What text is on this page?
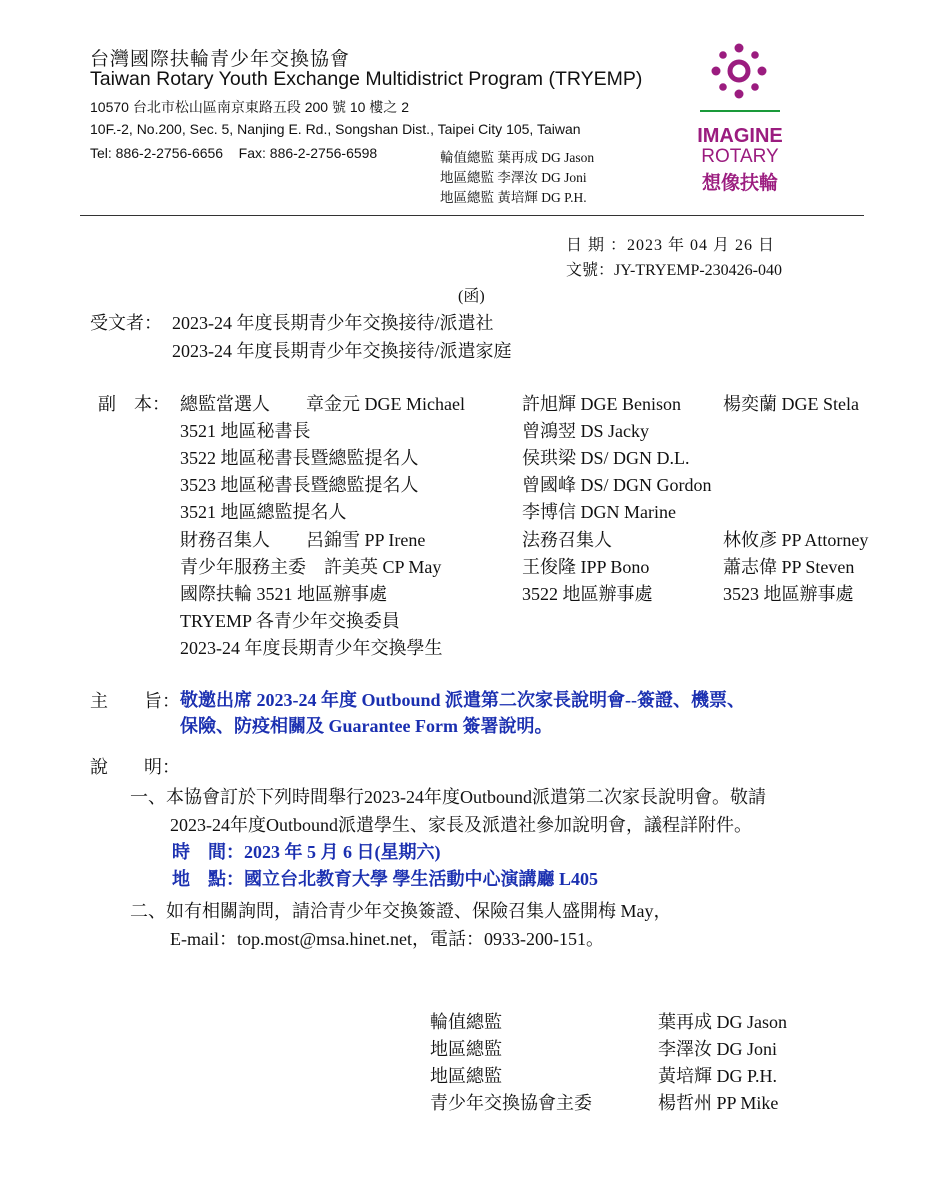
台灣國際扶輪青少年交換協會
Taiwan Rotary Youth Exchange Multidistrict Program (TRYEMP)
10570 台北市松山區南京東路五段 200 號 10 樓之 2
10F.-2, No.200, Sec. 5, Nanjing E. Rd., Songshan Dist., Taipei City 105, Taiwan
Tel: 886-2-2756-6656 Fax: 886-2-2756-6598	輪值總監 葉再成 DG Jason
地區總監 李澤汝 DG Joni
地區總監 黃培輝 DG P.H.
IMAGINE
ROTARY
想像扶輪
日 期 ：2023 年 04 月 26 日
文號：JY-TRYEMP-230426-040
(函)
受文者： 2023-24 年度長期青少年交換接待/派遣社
2023-24 年度長期青少年交換接待/派遣家庭
副　本： 總監當選人　　章金元 DGE Michael	許旭輝 DGE Benison 楊奕蘭 DGE Stela
3521 地區秘書長	曾鴻翌 DS Jacky
3522 地區秘書長暨總監提名人	侯珙梁 DS/ DGN D.L.
3523 地區秘書長暨總監提名人	曾國峰 DS/ DGN Gordon
3521 地區總監提名人	李博信 DGN Marine
財務召集人　　呂錦雪 PP Irene	法務召集人	林攸彥 PP Attorney
青少年服務主委　許美英 CP May	王俊隆 IPP Bono	蕭志偉 PP Steven
國際扶輪 3521 地區辦事處	3522 地區辦事處	3523 地區辦事處
TRYEMP 各青少年交換委員
2023-24 年度長期青少年交換學生
主　　旨： 敬邀出席 2023-24 年度 Outbound 派遣第二次家長說明會--簽證、機票、
保險、防疫相關及 Guarantee Form 簽署說明。
說　　明：
一、本協會訂於下列時間舉行2023-24年度Outbound派遣第二次家長說明會。敬請
2023-24年度Outbound派遣學生、家長及派遣社參加說明會，議程詳附件。
時　間：2023 年 5 月 6 日(星期六)
地　點：國立台北教育大學 學生活動中心演講廳 L405
二、如有相關詢問，請洽青少年交換簽證、保險召集人盛開梅 May，
E-mail：top.most@msa.hinet.net，電話：0933-200-151。
輪值總監	葉再成 DG Jason
地區總監	李澤汝 DG Joni
地區總監	黃培輝 DG P.H.
青少年交換協會主委	楊哲州 PP Mike
